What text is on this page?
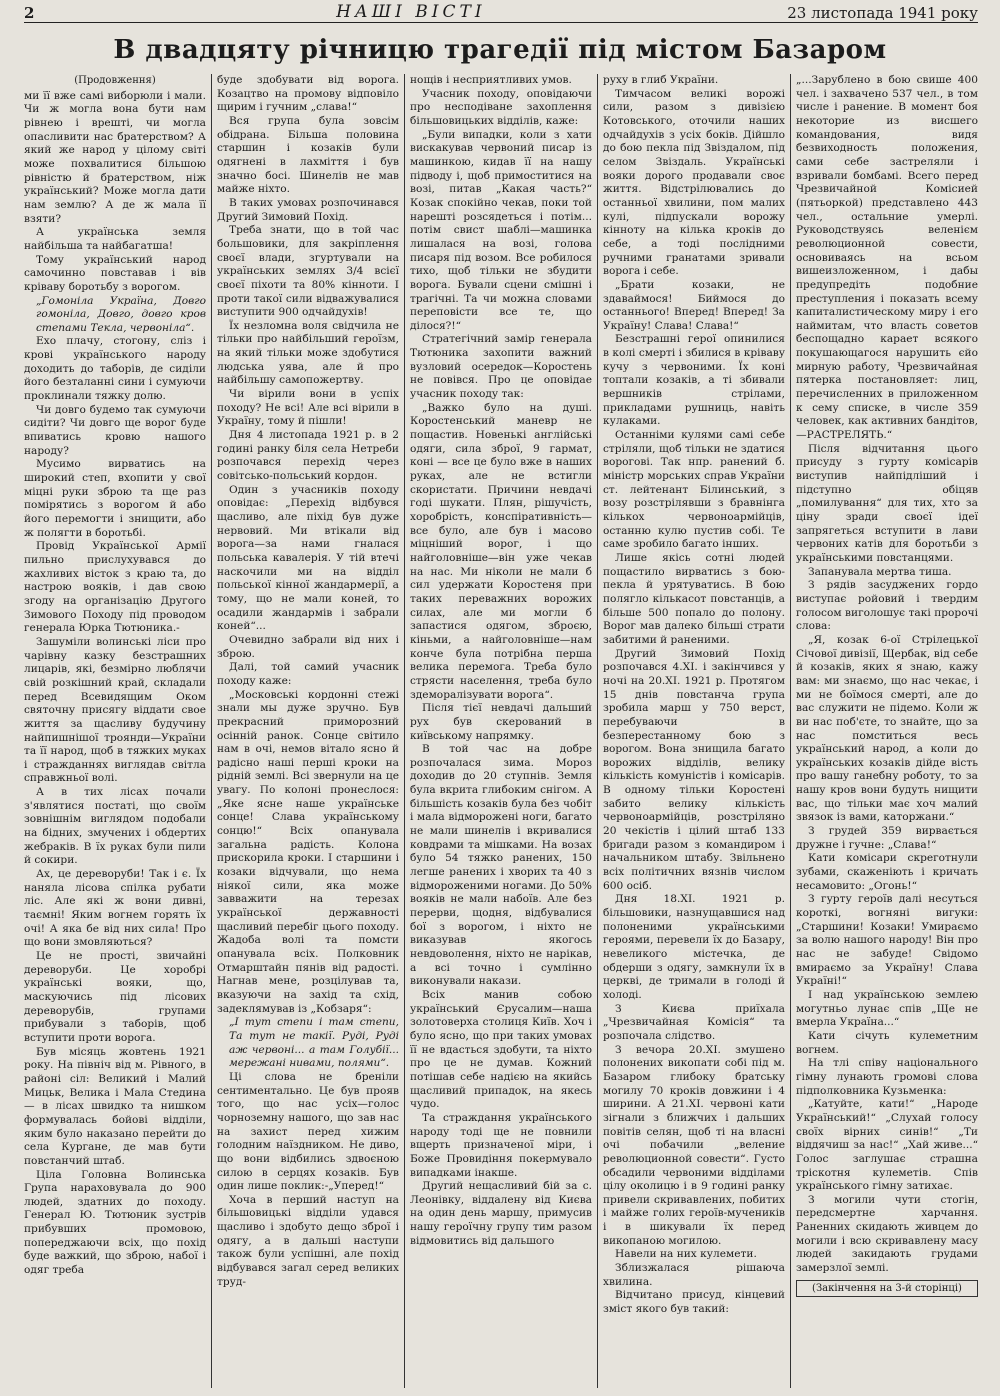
2	НАШІ ВІСТІ	23 листопада 1941 року
В двадцяту річницю трагедії під містом Базаром

(Продовження)

ми її вже самі виборюли і мали. Чи ж могла вона бути нам рівнею і врешті, чи могла опасливити нас братерством? А який же народ у цілому світі може похвалитися більшою рівністю й братерством, ніж український? Може могла дати нам землю? А де ж мала її взяти?

А українська земля найбільша та найбагатша!

Тому український народ самочинно повставав і вів кріваву боротьбу з ворогом.

„Гомоніла Україна, Довго гомоніла, Довго, довго кров степами Текла, червоніла“.

Ехо плачу, стогону, сліз і крові українського народу доходить до таборів, де сиділи його безталанні сини і сумуючи проклинали тяжку долю.

Чи довго будемо так сумуючи сидіти? Чи довго ще ворог буде впиватись кровю нашого народу?

Мусимо вирватись на широкий степ, вхопити у свої міцні руки зброю та ще раз помірятись з ворогом й або його перемогти і знищити, або ж полягти в боротьбі.

Провід Української Армії пильно прислухувався до жахливих вісток з краю та, до настрою вояків, і дав свою згоду на організацію Другого Зимового Походу під проводом генерала Юрка Тютюника.-

Зашуміли волинські ліси про чарівну казку безстрашних лицарів, які, безмірно люблячи свій розкішний край, складали перед Всевидящим Оком святочну присягу віддати свое життя за щасливу будучину найпишнішої троянди—України та її народ, щоб в тяжких муках і стражданнях виглядав світла справжньої волі.

А в тих лісах почали з'являтися постаті, що своїм зовнішнім виглядом подобали на бідних, змучених і обдертих жебраків. В їх руках були пили й сокири.

Ах, це дереворуби! Так і є. Їх наняла лісова спілка рубати ліс. Але які ж вони дивні, таємні! Яким вогнем горять їх очі! А яка бе від них сила! Про що вони змовляються?

Це не прості, звичайні дереворуби. Це хоробрі українські вояки, що, маскуючись під лісових дереворубів, групами прибували з таборів, щоб вступити проти ворога.

Був місяць жовтень 1921 року. На північ від м. Рівного, в районі сіл: Великий і Малий Мицьк, Велика і Мала Стедина — в лісах швидко та нишком формувалась бойові відділи, яким було наказано перейти до села Кургане, де мав бути повстанчий штаб.

Ціла Головна Волинська Група нараховувала до 900 людей, здатних до походу. Генерал Ю. Тютюник зустрів прибувших промовою, попереджаючи всіх, що похід буде важкий, що зброю, набої і одяг треба

буде здобувати від ворога. Козацтво на промову відповіло щирим і гучним „слава!“

Вся група була зовсім обідрана. Більша половина старшин і козаків були одягнені в лахміття і був значно босі. Шинелів не мав майже ніхто.

В таких умовах розпочинався Другий Зимовий Похід.

Треба знати, що в той час большовики, для закріплення своєї влади, згуртували на українських землях 3/4 всієї своєї піхоти та 80% кінноти. І проти такої сили відважувалися виступити 900 одчайдухів!

Їх незломна воля свідчила не тільки про найбільший героїзм, на який тільки може здобутися людська уява, але й про найбільшу самопожертву.

Чи вірили вони в успіх походу? Не всі! Але всі вірили в Україну, тому й пішли!

Дня 4 листопада 1921 р. в 2 годині ранку біля села Нетреби розпочався перехід через совітсько-польський кордон.

Один з учасників походу оповідає: „Перехід відбувся щасливо, але піхід був дуже нервовий. Ми втікали від ворога—за нами гналася польська кавалерія. У тій втечі наскочили ми на відділ польської кінної жандармерії, а тому, що не мали коней, то осадили жандармів і забрали коней“...

Очевидно забрали від них і зброю.

Далі, той самий учасник походу каже:

„Московські кордонні стежі знали мы дуже зручно. Був прекрасний приморозний осінній ранок. Сонце світило нам в очі, немов вітало ясно й радісно наші перші кроки на рідній землі. Всі звернули на це увагу. По колоні пронеслося: „Яке ясне наше українське сонце! Слава українському сонцю!“ Всіх опанувала загальна радість. Колона прискорила кроки. І старшини і козаки відчували, що нема ніякої сили, яка може завважити на терезах української державності щасливий перебіг цього походу. Жадоба волі та помсти опанувала всіх. Полковник Отмарштайн пянів від радості. Нагнав мене, розцілував та, вказуючи на захід та схід, задеклямував із „Кобзаря“:

„І тут степи і там степи, Та тут не такії. Руді, Руді аж червоні... а там Голубії... мережані нивами, полями“.

Ці слова не бреніли сентиментально. Це був прояв того, що нас усіх—голос чорноземну нашого, що зав нас на захист перед хижим голодним наїздником. Не диво, що вони відбились здвоєною силою в серцях козаків. Був один лише поклик:-„Уперед!“

Хоча в перший наступ на більшовицькі відділи удався щасливо і здобуто дещо зброї і одягу, а в дальші наступи також були успішні, але похід відбувався загал серед великих труд-

нощів і несприятливих умов.

Учасник походу, оповідаючи про несподіване захоплення більшовицьких відділів, каже:

„Були випадки, коли з хати вискакував червоний писар із машинкою, кидав її на нашу підводу і, щоб примоститися на возі, питав „Какая часть?“ Козак спокійно чекав, поки той нарешті розсядеться і потім... потім свист шаблі—машинка лишалася на возі, голова писаря під возом. Все робилося тихо, щоб тільки не збудити ворога. Бували сцени смішні і трагічні. Та чи можна словами переповісти все те, що ділося?!“

Стратегічний замір генерала Тютюника захопити важний вузловий осередок—Коростень не повівся. Про це оповідае учасник походу так:

„Важко було на душі. Коростенський маневр не пощастив. Новенькі англійські одяги, сила зброї, 9 гармат, коні — все це було вже в наших руках, але не встигли скористати. Причини невдачі годі шукати. Плян, рішучість, хоробрість, конспіративність—все було, але був і масово міцніший ворог, і що найголовніше—він уже чекав на нас. Ми ніколи не мали б сил удержати Коростеня при таких переважних ворожих силах, але ми могли б запастися одягом, зброєю, кіньми, а найголовніше—нам конче була потрібна перша велика перемога. Треба було стрясти населення, треба було здеморалізувати ворога“.

Після тієї невдачі дальший рух був скерований в київському напрямку.

В той час на добре розпочалася зима. Мороз доходив до 20 ступнів. Земля була вкрита глибоким снігом. А більшість козаків була без чобіт і мала відморожені ноги, багато не мали шинелів і вкривалися ковдрами та мішками. На возах було 54 тяжко ранених, 150 легше ранених і хворих та 40 з відмороженими ногами. До 50% вояків не мали набоїв. Але без перерви, щодня, відбувалися бої з ворогом, і ніхто не виказував якогось невдоволення, ніхто не нарікав, а всі точно і сумлінно виконували накази.

Всіх манив собою український Єрусалим—наша золотоверха столиця Київ. Хоч і було ясно, що при таких умовах її не вдасться здобути, та ніхто про це не думав. Кожний потішав себе надією на якийсь щасливий припадок, на якесь чудо.

Та страждання українського народу тоді ще не повнили вщерть призначеної міри, і Боже Провидіння покермувало випадками інакше.

Другий нещасливий бій за с. Леонівку, віддалену від Києва на один день маршу, примусив нашу героїчну групу тим разом відмовитись від дальшого

руху в глиб України.

Тимчасом великі ворожі сили, разом з дивізією Котовського, оточили наших одчайдухів з усіх боків. Дійшло до бою пекла під Звіздалом, під селом Звіздаль. Українські вояки дорого продавали своє життя. Відстрілювались до останньої хвилини, пом малих кулі, підпускали ворожу кінноту на кілька кроків до себе, а тоді послідними ручними гранатами зривали ворога і себе.

„Брати козаки, не здаваймося! Биймося до останнього! Вперед! Вперед! За Україну! Слава! Слава!“

Безстрашні герої опинилися в колі смерті і збилися в кріваву кучу з червоними. Їх коні топтали козаків, а ті збивали вершників стрілами, прикладами рушниць, навіть кулаками.

Останніми кулями самі себе стріляли, щоб тільки не здатися ворогові. Так нпр. ранений б. міністр морських справ України ст. лейтенант Білинський, з возу розстрілявши з бравнінга кількох червоноармійців, останню кулю пустив собі. Те саме зробило багато інших.

Лише якісь сотні людей пощастило вирватись з бою-пекла й урятуватись. В бою полягло кількасот повстанців, а більше 500 попало до полону. Ворог мав далеко більші страти забитими й раненими.

Другий Зимовий Похід розпочався 4.XI. і закінчився у ночі на 20.XI. 1921 р. Протягом 15 днів повстанча група зробила марш у 750 верст, перебуваючи в безперестанному бою з ворогом. Вона знищила багато ворожих відділів, велику кількість комуністів і комісарів. В одному тільки Коростені забито велику кількість червоноармійців, розстріляно 20 чекістів і цілий штаб 133 бригади разом з командиром і начальником штабу. Звільнено всіх політичних вязнів числом 600 осіб.

Дня 18.XI. 1921 р. більшовики, назнущавшися над полоненими українськими героями, перевели їх до Базару, невеликого містечка, де обдерши з одягу, замкнули їх в церкві, де тримали в голоді й холоді.

З Києва приїхала „Чрезвичайная Комісія“ та розпочала слідство.

З вечора 20.XI. змушено полонених викопати собі під м. Базаром глибоку братську могилу 70 кроків довжини і 4 ширини. А 21.XI. червоні кати зігнали з ближчих і дальших повітів селян, щоб ті на власні очі побачили „веление революционной совести“. Густо обсадили червоними відділами цілу околицю і в 9 годині ранку привели скривавлених, побитих і майже голих героїв-мучеників і в шикували їх перед викопаною могилою.

Навели на них кулемети.

Зблизжалася рішаюча хвилина.

Відчитано присуд, кінцевий зміст якого був такий:

„...Зарублено в бою свише 400 чел. і захвачено 537 чел., в том числе і ранение. В момент боя некоторие из висшего командования, видя безвиходность положения, сами себе застреляли і взривали бомбамі. Всего перед Чрезвичайной Комісией (пятьоркой) представлено 443 чел., остальние умерлі. Руководствуясь веленієм революционной совести, основиваясь на всьом вишеизложенном, і дабы предупредіть подобние преступления і показать всему капиталистическому миру і его наймитам, что власть советов беспощадно карает всякого покушающагося нарушить єйо мирную работу, Чрезвичайная пятерка постановляет: лиц, перечисленних в приложенном к сему списке, в числе 359 человек, как активних бандітов,—РАСТРЕЛЯТЬ.“

Після відчитання цього присуду з гурту комісарів виступив найпідліший і підступно обіцяв „помилування“ для тих, хто за ціну зради своєї ідеї запрягеться вступити в лави червоних катів для боротьби з українськими повстанцями.

Запанувала мертва тиша.

З рядів засуджених гордо виступає ройовий і твердим голосом виголошує такі пророчі слова:

„Я, козак 6-ої Стрілецької Січової дивізії, Щербак, від себе й козаків, яких я знаю, кажу вам: ми знаємо, що нас чекає, і ми не боїмося смерті, але до вас служити не підемо. Коли ж ви нас поб'єте, то знайте, що за нас помститься весь український народ, а коли до українських козаків дійде вість про вашу ганебну роботу, то за нашу кров вони будуть нищити вас, що тільки має хоч малий звязок із вами, каторжани.“

З грудей 359 вирвається дружне і гучне: „Слава!“

Кати комісари скреготнули зубами, скаженіють і кричать несамовито: „Огонь!“

З гурту героїв далі несуться короткі, вогняні вигуки: „Старшини! Козаки! Умираємо за волю нашого народу! Він про нас не забуде! Свідомо вмираємо за Україну! Слава Україні!“

І над українською землею могутньо лунає спів „Ще не вмерла Україна...“

Кати січуть кулеметним вогнем.

На тлі співу національного гімну лунають громові слова підполковника Кузьменка:

„Катуйте, кати!“ „Народе Український!“ „Слухай голосу своїх вірних синів!“ „Ти віддячиш за нас!“ „Хай живе...“ Голос заглушає страшна тріскотня кулеметів. Спів українського гімну затихає.

З могили чути стогін, передсмертне харчання. Раненних скидають живцем до могили і всю скривавлену масу людей закидають грудами замерзлої землі.

(Закінчення на 3-й сторінці)
